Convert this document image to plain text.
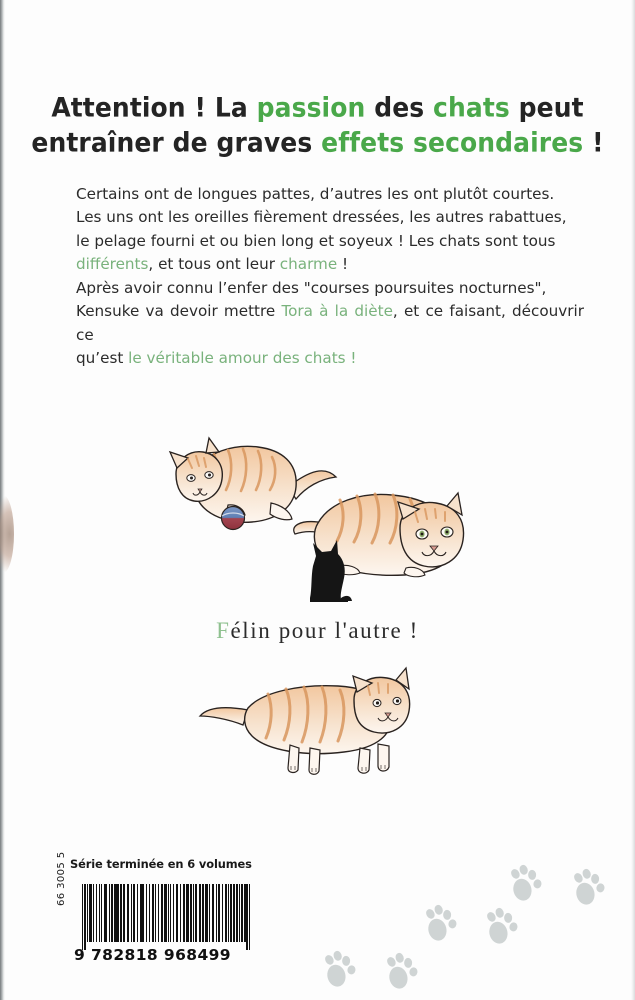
Attention ! La passion des chats peut
entraîner de graves effets secondaires !
Certains ont de longues pattes, d’autres les ont plutôt courtes.
Les uns ont les oreilles fièrement dressées, les autres rabattues,
le pelage fourni et ou bien long et soyeux ! Les chats sont tous
différents, et tous ont leur charme !
Après avoir connu l’enfer des "courses poursuites nocturnes",
Kensuke va devoir mettre Tora à la diète, et ce faisant, découvrir ce
qu’est le véritable amour des chats !
Félin pour l'autre !
Série terminée en 6 volumes
66 3005 5
9 782818 968499
